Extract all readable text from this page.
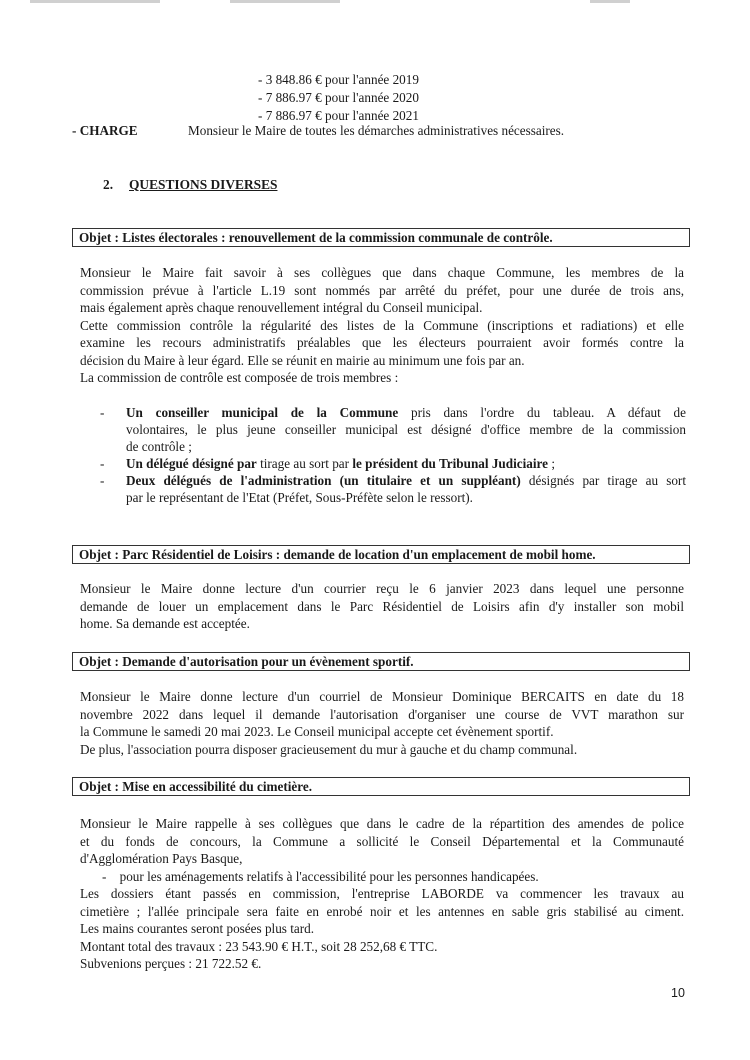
- 3 848.86 € pour l'année 2019
- 7 886.97 € pour l'année 2020
- 7 886.97 € pour l'année 2021
- CHARGE	Monsieur le Maire de toutes les démarches administratives nécessaires.
2. QUESTIONS DIVERSES
Objet : Listes électorales : renouvellement de la commission communale de contrôle.
Monsieur le Maire fait savoir à ses collègues que dans chaque Commune, les membres de la
commission prévue à l'article L.19 sont nommés par arrêté du préfet, pour une durée de trois ans,
mais également après chaque renouvellement intégral du Conseil municipal.
Cette commission contrôle la régularité des listes de la Commune (inscriptions et radiations) et elle
examine les recours administratifs préalables que les électeurs pourraient avoir formés contre la
décision du Maire à leur égard. Elle se réunit en mairie au minimum une fois par an.
La commission de contrôle est composée de trois membres :
- Un conseiller municipal de la Commune pris dans l'ordre du tableau. A défaut de
volontaires, le plus jeune conseiller municipal est désigné d'office membre de la commission
de contrôle ;
- Un délégué désigné par tirage au sort par le président du Tribunal Judiciaire ;
- Deux délégués de l'administration (un titulaire et un suppléant) désignés par tirage au sort
par le représentant de l'Etat (Préfet, Sous-Préfète selon le ressort).
Objet : Parc Résidentiel de Loisirs : demande de location d'un emplacement de mobil home.
Monsieur le Maire donne lecture d'un courrier reçu le 6 janvier 2023 dans lequel une personne
demande de louer un emplacement dans le Parc Résidentiel de Loisirs afin d'y installer son mobil
home. Sa demande est acceptée.
Objet : Demande d'autorisation pour un évènement sportif.
Monsieur le Maire donne lecture d'un courriel de Monsieur Dominique BERCAITS en date du 18
novembre 2022 dans lequel il demande l'autorisation d'organiser une course de VVT marathon sur
la Commune le samedi 20 mai 2023. Le Conseil municipal accepte cet évènement sportif.
De plus, l'association pourra disposer gracieusement du mur à gauche et du champ communal.
Objet : Mise en accessibilité du cimetière.
Monsieur le Maire rappelle à ses collègues que dans le cadre de la répartition des amendes de police
et du fonds de concours, la Commune a sollicité le Conseil Départemental et la Communauté
d'Agglomération Pays Basque,
-    pour les aménagements relatifs à l'accessibilité pour les personnes handicapées.
Les dossiers étant passés en commission, l'entreprise LABORDE va commencer les travaux au
cimetière ; l'allée principale sera faite en enrobé noir et les antennes en sable gris stabilisé au ciment.
Les mains courantes seront posées plus tard.
Montant total des travaux : 23 543.90 € H.T., soit 28 252,68 € TTC.
Subvenions perçues : 21 722.52 €.
10
